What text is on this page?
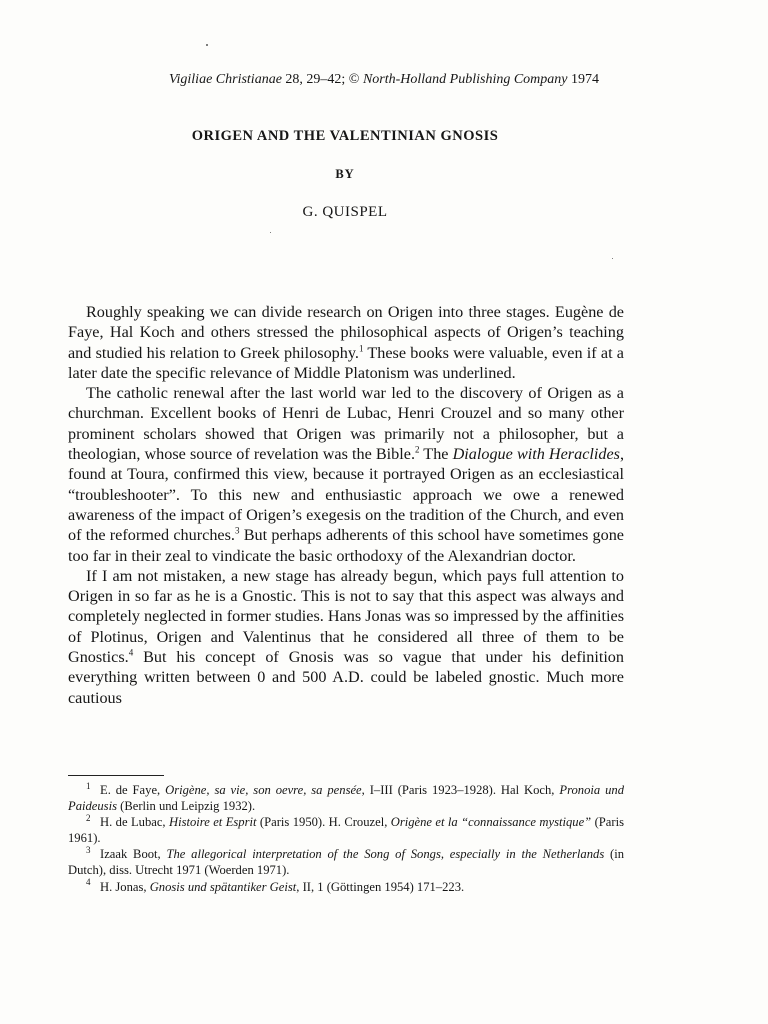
Vigiliae Christianae 28, 29–42; © North-Holland Publishing Company 1974
ORIGEN AND THE VALENTINIAN GNOSIS
BY
G. QUISPEL

Roughly speaking we can divide research on Origen into three stages. Eugène de Faye, Hal Koch and others stressed the philosophical aspects of Origen’s teaching and studied his relation to Greek philosophy.$^1$ These books were valuable, even if at a later date the specific relevance of Middle Platonism was underlined.

The catholic renewal after the last world war led to the discovery of Origen as a churchman. Excellent books of Henri de Lubac, Henri Crouzel and so many other prominent scholars showed that Origen was primarily not a philosopher, but a theologian, whose source of revelation was the Bible.$^2$ The Dialogue with Heraclides, found at Toura, confirmed this view, because it portrayed Origen as an ecclesiastical “troubleshooter”. To this new and enthusiastic approach we owe a renewed awareness of the impact of Origen’s exegesis on the tradition of the Church, and even of the reformed churches.$^3$ But perhaps adherents of this school have sometimes gone too far in their zeal to vindicate the basic orthodoxy of the Alexandrian doctor.

If I am not mistaken, a new stage has already begun, which pays full attention to Origen in so far as he is a Gnostic. This is not to say that this aspect was always and completely neglected in former studies. Hans Jonas was so impressed by the affinities of Plotinus, Origen and Valentinus that he considered all three of them to be Gnostics.$^4$ But his concept of Gnosis was so vague that under his definition everything written between 0 and 500 A.D. could be labeled gnostic. Much more cautious

1 E. de Faye, Origène, sa vie, son oevre, sa pensée, I–III (Paris 1923–1928). Hal Koch, Pronoia und Paideusis (Berlin und Leipzig 1932).

2 H. de Lubac, Histoire et Esprit (Paris 1950). H. Crouzel, Origène et la “connaissance mystique” (Paris 1961).

3 Izaak Boot, The allegorical interpretation of the Song of Songs, especially in the Netherlands (in Dutch), diss. Utrecht 1971 (Woerden 1971).

4 H. Jonas, Gnosis und spätantiker Geist, II, 1 (Göttingen 1954) 171–223.
